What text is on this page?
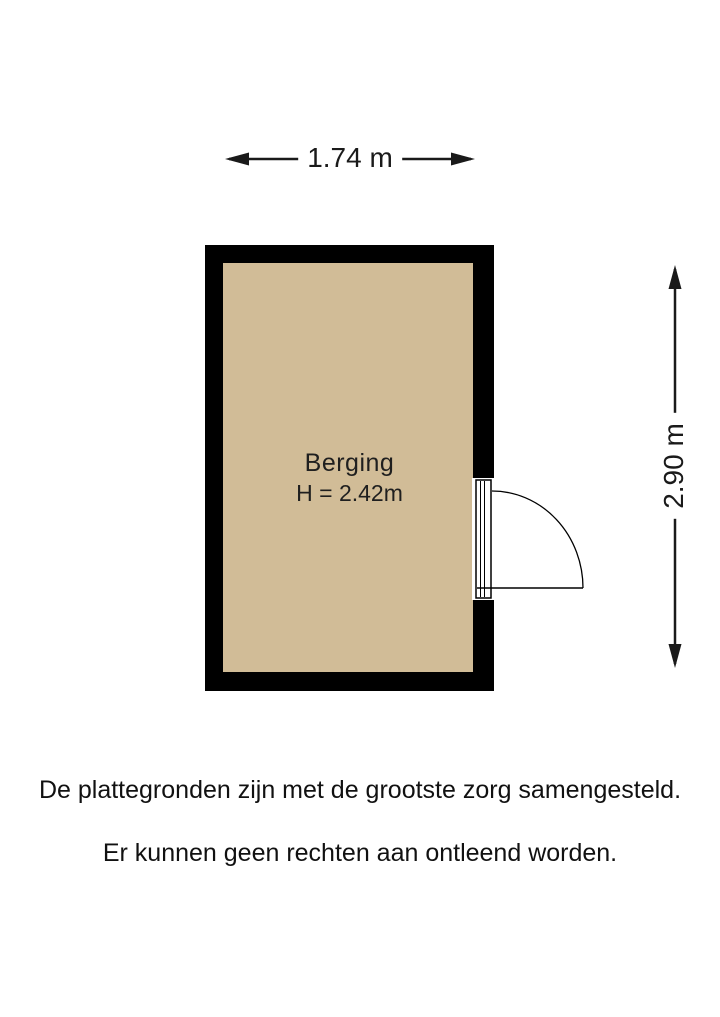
1.74 m
Berging
H = 2.42m	2.90 m
De plattegronden zijn met de grootste zorg samengesteld.
Er kunnen geen rechten aan ontleend worden.
